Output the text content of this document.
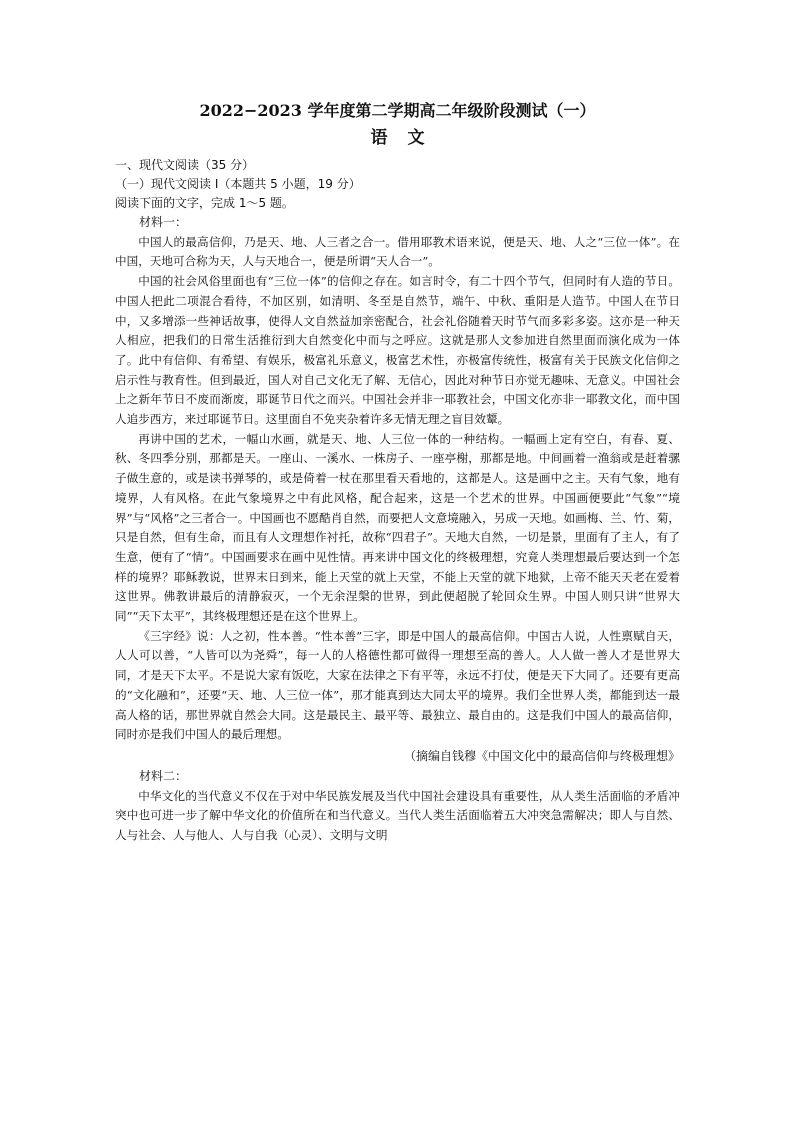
2022−2023 学年度第二学期高二年级阶段测试（一）
语文

一、现代文阅读（35 分）

（一）现代文阅读 I（本题共 5 小题，19 分）

阅读下面的文字，完成 1～5 题。

材料一：

中国人的最高信仰，乃是天、地、人三者之合一。借用耶教术语来说，便是天、地、人之“三位一体”。在中国，天地可合称为天，人与天地合一，便是所谓“天人合一”。

中国的社会风俗里面也有“三位一体”的信仰之存在。如言时令，有二十四个节气，但同时有人造的节日。中国人把此二项混合看待，不加区别，如清明、冬至是自然节，端午、中秋、重阳是人造节。中国人在节日中，又多增添一些神话故事，使得人文自然益加亲密配合，社会礼俗随着天时节气而多彩多姿。这亦是一种天人相应，把我们的日常生活推衍到大自然变化中而与之呼应。这就是那人文参加进自然里面而演化成为一体了。此中有信仰、有希望、有娱乐，极富礼乐意义，极富艺术性，亦极富传统性，极富有关于民族文化信仰之启示性与教育性。但到最近，国人对自己文化无了解、无信心，因此对种节日亦觉无趣味、无意义。中国社会上之新年节日不废而渐废，耶诞节日代之而兴。中国社会并非一耶教社会，中国文化亦非一耶教文化，而中国人追步西方，来过耶诞节日。这里面自不免夹杂着许多无情无理之盲目效颦。

再讲中国的艺术，一幅山水画，就是天、地、人三位一体的一种结构。一幅画上定有空白，有春、夏、秋、冬四季分别，那都是天。一座山、一溪水、一株房子、一座亭榭，那都是地。中间画着一渔翁或是赶着骡子做生意的，或是读书弹琴的，或是倚着一杖在那里看天看地的，这都是人。这是画中之主。天有气象，地有境界，人有风格。在此气象境界之中有此风格，配合起来，这是一个艺术的世界。中国画便要此“气象”“境界”与“风格”之三者合一。中国画也不愿酷肖自然，而要把人文意境融入，另成一天地。如画梅、兰、竹、菊，只是自然，但有生命，而且有人文理想作衬托，故称“四君子”。天地大自然，一切是景，里面有了主人，有了生意，便有了“情”。中国画要求在画中见性情。再来讲中国文化的终极理想，究竟人类理想最后要达到一个怎样的境界？耶稣教说，世界末日到来，能上天堂的就上天堂，不能上天堂的就下地狱，上帝不能天天老在爱着这世界。佛教讲最后的清静寂灭，一个无余涅槃的世界，到此便超脱了轮回众生界。中国人则只讲“世界大同”“天下太平”，其终极理想还是在这个世界上。

《三字经》说：人之初，性本善。“性本善”三字，即是中国人的最高信仰。中国古人说，人性禀赋自天，人人可以善，“人皆可以为尧舜”，每一人的人格德性都可做得一理想至高的善人。人人做一善人才是世界大同，才是天下太平。不是说大家有饭吃，大家在法律之下有平等，永远不打仗，便是天下大同了。还要有更高的“文化融和”，还要“天、地、人三位一体”，那才能真到达大同太平的境界。我们全世界人类，都能到达一最高人格的话，那世界就自然会大同。这是最民主、最平等、最独立、最自由的。这是我们中国人的最高信仰，同时亦是我们中国人的最后理想。

（摘编自钱穆《中国文化中的最高信仰与终极理想》

材料二：

中华文化的当代意义不仅在于对中华民族发展及当代中国社会建设具有重要性，从人类生活面临的矛盾冲突中也可进一步了解中华文化的价值所在和当代意义。当代人类生活面临着五大冲突急需解决；即人与自然、人与社会、人与他人、人与自我（心灵）、文明与文明
